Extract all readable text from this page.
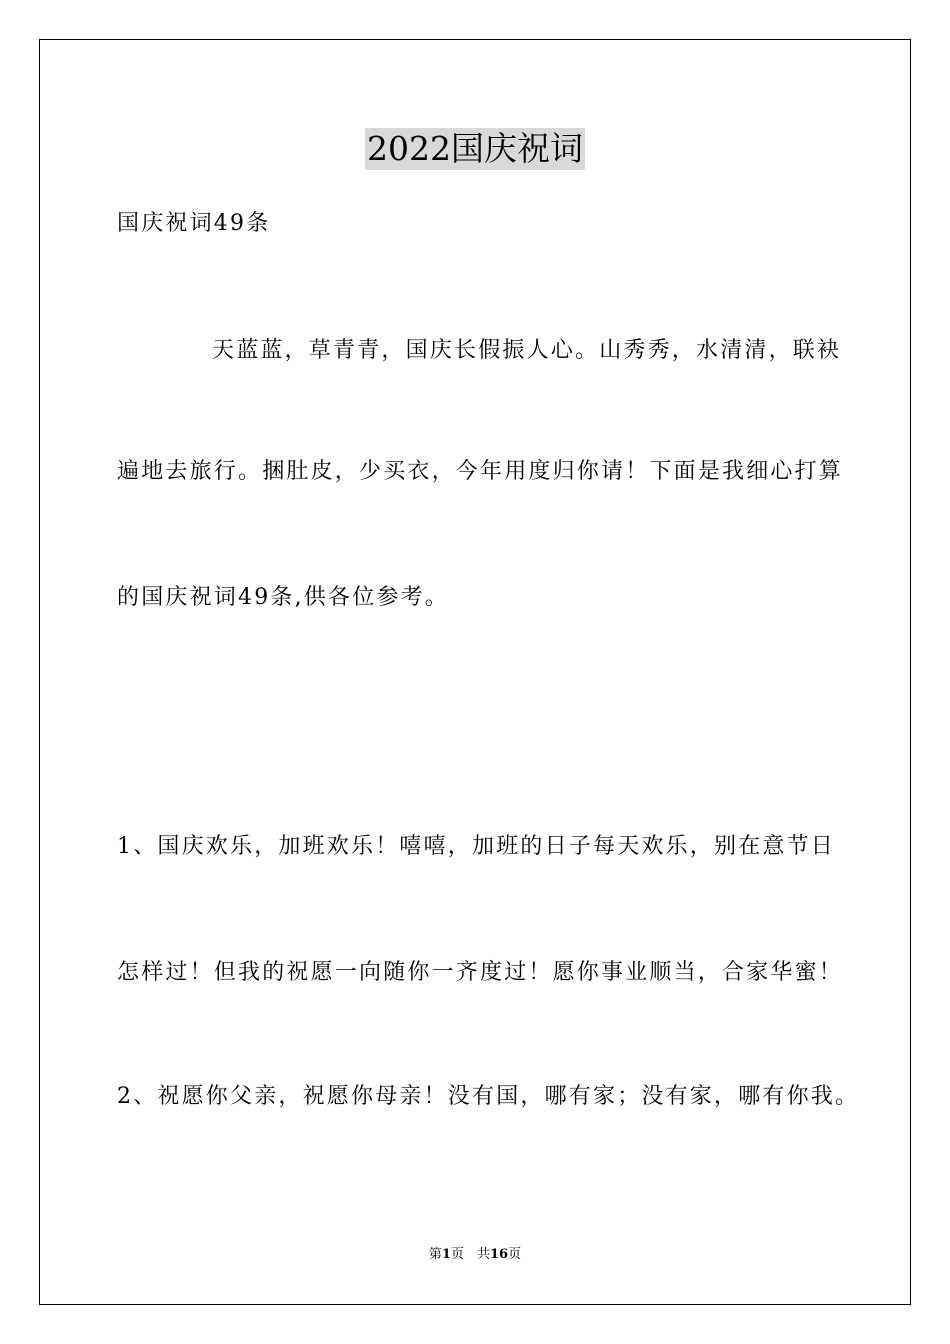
2022国庆祝词
国庆祝词49条
天蓝蓝，草青青，国庆长假振人心。山秀秀，水清清，联袂
遍地去旅行。捆肚皮，少买衣，今年用度归你请！下面是我细心打算
的国庆祝词49条,供各位参考。
1、国庆欢乐，加班欢乐！嘻嘻，加班的日子每天欢乐，别在意节日
怎样过！但我的祝愿一向随你一齐度过！愿你事业顺当，合家华蜜！
2、祝愿你父亲，祝愿你母亲！没有国，哪有家；没有家，哪有你我。
第1页　共16页
